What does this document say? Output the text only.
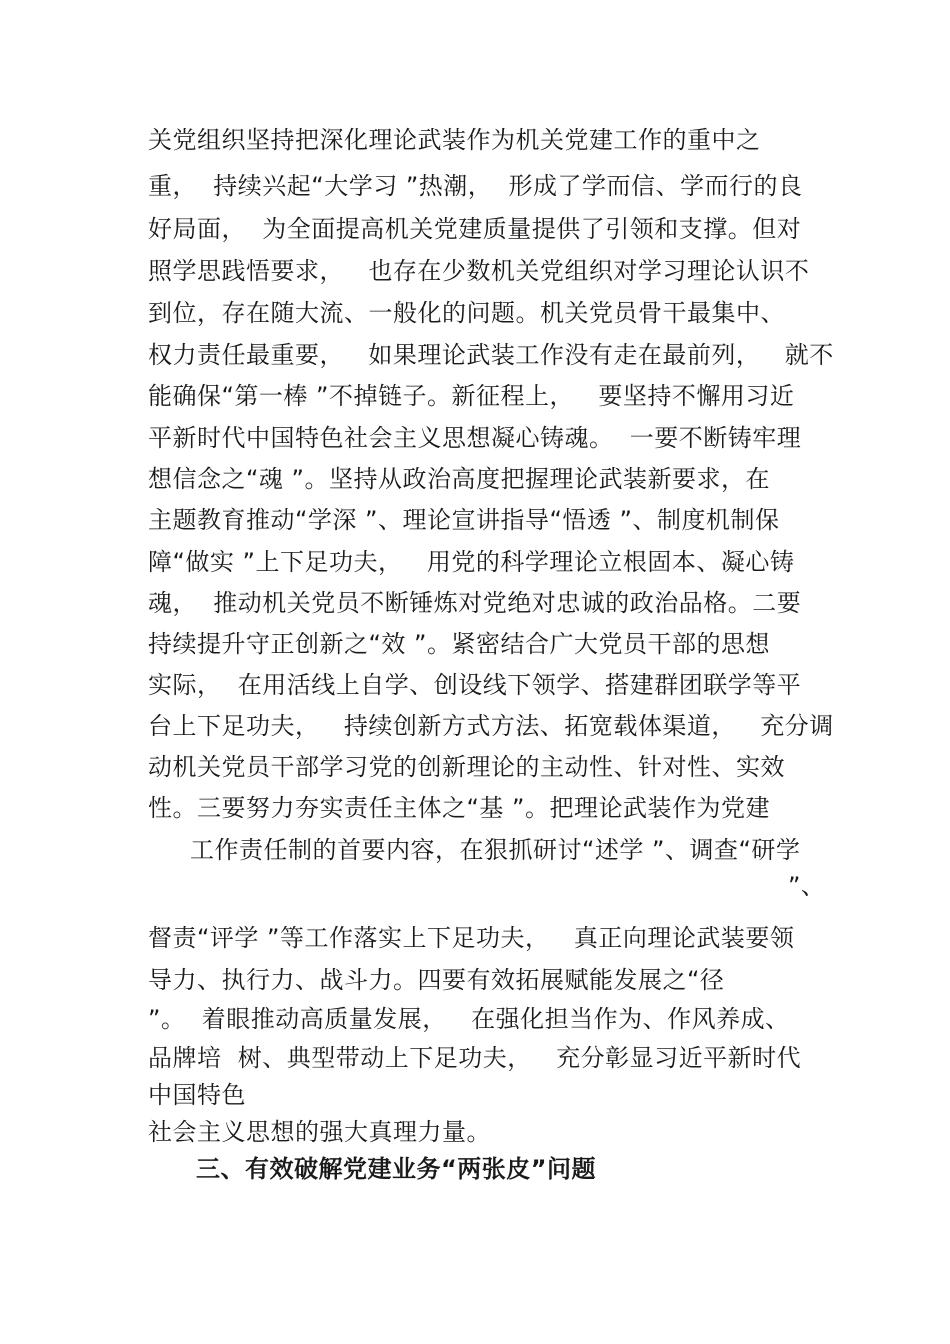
关党组织坚持把深化理论武装作为机关党建工作的重中之
重，  持续兴起“大学习 ”热潮，  形成了学而信、学而行的良
好局面，  为全面提高机关党建质量提供了引领和支撑。但对
照学思践悟要求，   也存在少数机关党组织对学习理论认识不
到位，存在随大流、一般化的问题。机关党员骨干最集中、
权力责任最重要，   如果理论武装工作没有走在最前列，   就不
能确保“第一棒 ”不掉链子。新征程上，   要坚持不懈用习近
平新时代中国特色社会主义思想凝心铸魂。  一要不断铸牢理
想信念之“魂 ”。坚持从政治高度把握理论武装新要求，在
主题教育推动“学深 ”、理论宣讲指导“悟透 ”、制度机制保
障“做实 ”上下足功夫，   用党的科学理论立根固本、凝心铸
魂，  推动机关党员不断锤炼对党绝对忠诚的政治品格。二要
持续提升守正创新之“效 ”。紧密结合广大党员干部的思想
实际，  在用活线上自学、创设线下领学、搭建群团联学等平
台上下足功夫，   持续创新方式方法、拓宽载体渠道，   充分调
动机关党员干部学习党的创新理论的主动性、针对性、实效
性。三要努力夯实责任主体之“基 ”。把理论武装作为党建
工作责任制的首要内容，在狠抓研讨“述学 ”、调查“研学
”、
督责“评学 ”等工作落实上下足功夫，   真正向理论武装要领
导力、执行力、战斗力。四要有效拓展赋能发展之“径
”。  着眼推动高质量发展，   在强化担当作为、作风养成、
品牌培  树、典型带动上下足功夫，   充分彰显习近平新时代
中国特色
社会主义思想的强大真理力量。
三、有效破解党建业务“两张皮”问题
